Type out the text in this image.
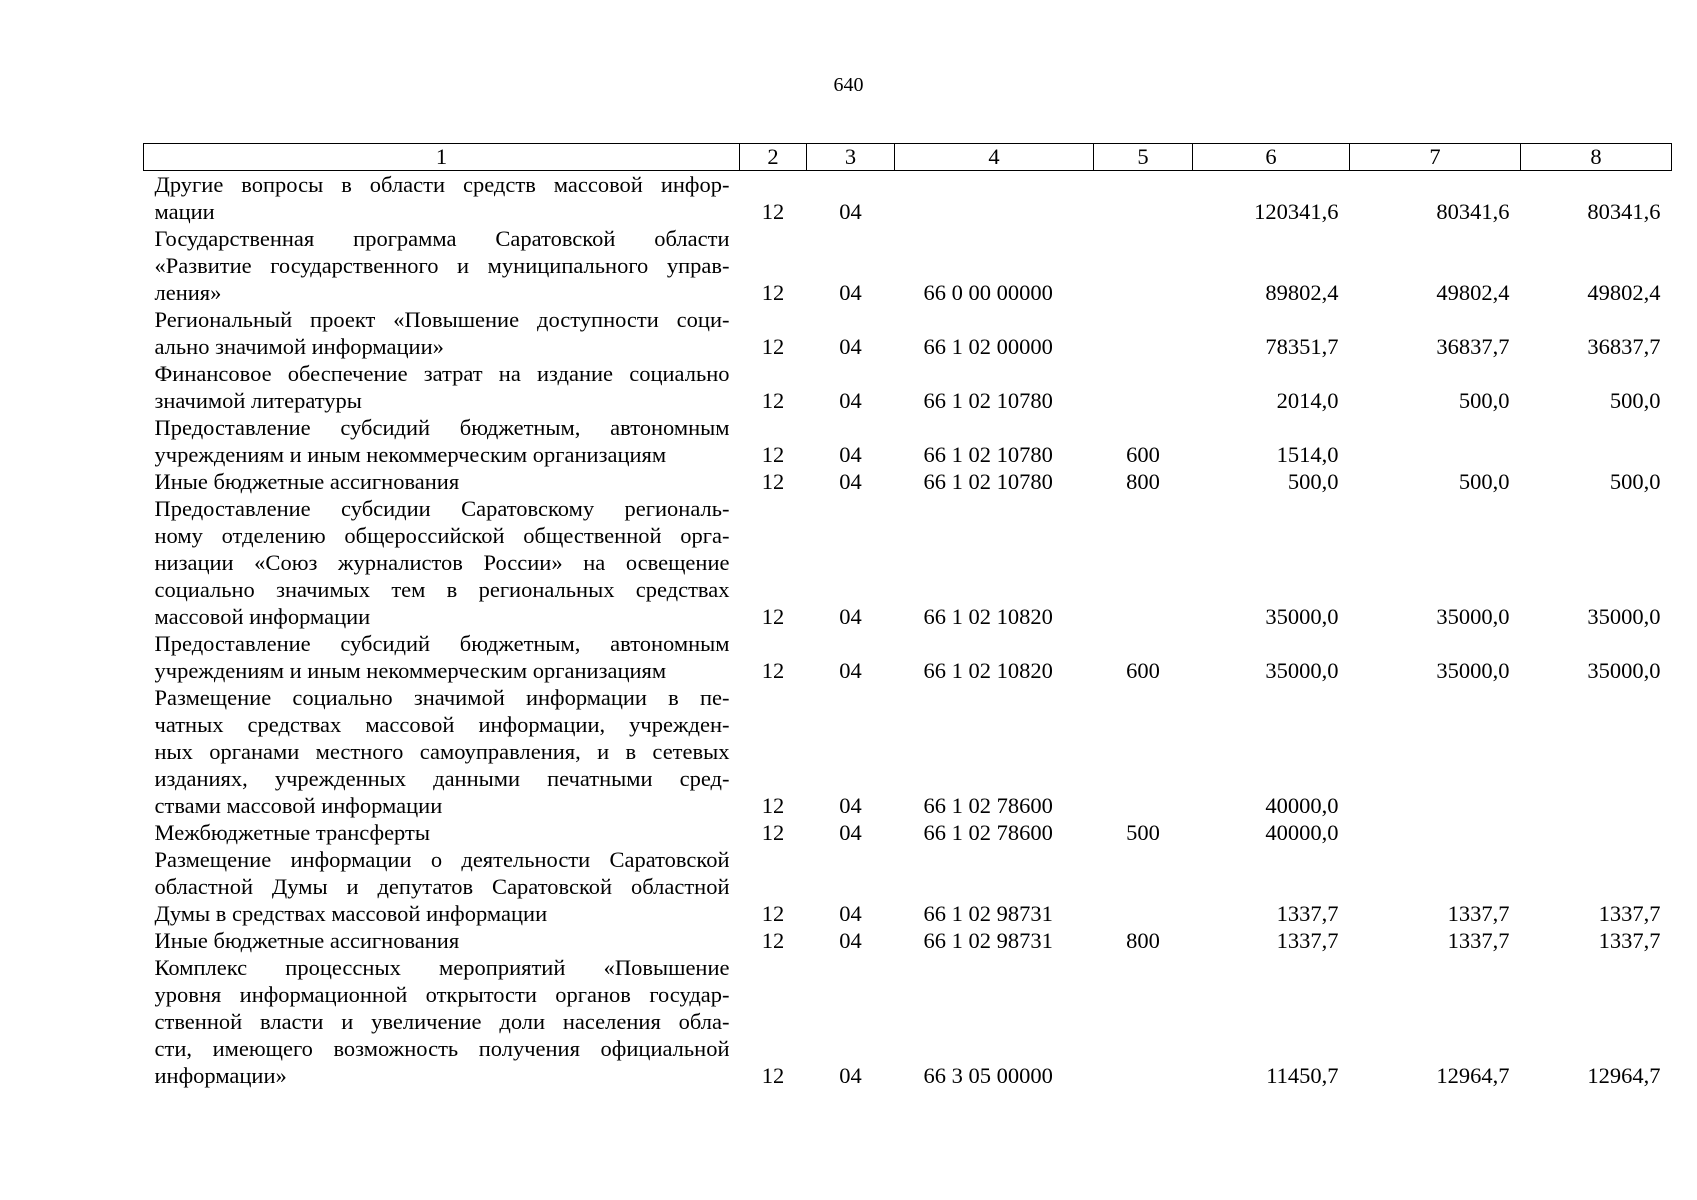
640
1	2	3	4	5	6	7	8

Другие вопросы в области средств массовой инфор-
мации	12	04			120341,6	80341,6	80341,6

Государственная программа Саратовской области
«Развитие государственного и муниципального управ-
ления»	12	04	66 0 00 00000		89802,4	49802,4	49802,4

Региональный проект «Повышение доступности соци-
ально значимой информации»	12	04	66 1 02 00000		78351,7	36837,7	36837,7

Финансовое обеспечение затрат на издание социально
значимой литературы	12	04	66 1 02 10780		2014,0	500,0	500,0

Предоставление субсидий бюджетным, автономным
учреждениям и иным некоммерческим организациям	12	04	66 1 02 10780	600	1514,0		

Иные бюджетные ассигнования	12	04	66 1 02 10780	800	500,0	500,0	500,0

Предоставление субсидии Саратовскому региональ-
ному отделению общероссийской общественной орга-
низации «Союз журналистов России» на освещение
социально значимых тем в региональных средствах
массовой информации	12	04	66 1 02 10820		35000,0	35000,0	35000,0

Предоставление субсидий бюджетным, автономным
учреждениям и иным некоммерческим организациям	12	04	66 1 02 10820	600	35000,0	35000,0	35000,0

Размещение социально значимой информации в пе-
чатных средствах массовой информации, учрежден-
ных органами местного самоуправления, и в сетевых
изданиях, учрежденных данными печатными сред-
ствами массовой информации	12	04	66 1 02 78600		40000,0		

Межбюджетные трансферты	12	04	66 1 02 78600	500	40000,0		

Размещение информации о деятельности Саратовской
областной Думы и депутатов Саратовской областной
Думы в средствах массовой информации	12	04	66 1 02 98731		1337,7	1337,7	1337,7

Иные бюджетные ассигнования	12	04	66 1 02 98731	800	1337,7	1337,7	1337,7

Комплекс процессных мероприятий «Повышение
уровня информационной открытости органов государ-
ственной власти и увеличение доли населения обла-
сти, имеющего возможность получения официальной
информации»	12	04	66 3 05 00000		11450,7	12964,7	12964,7
